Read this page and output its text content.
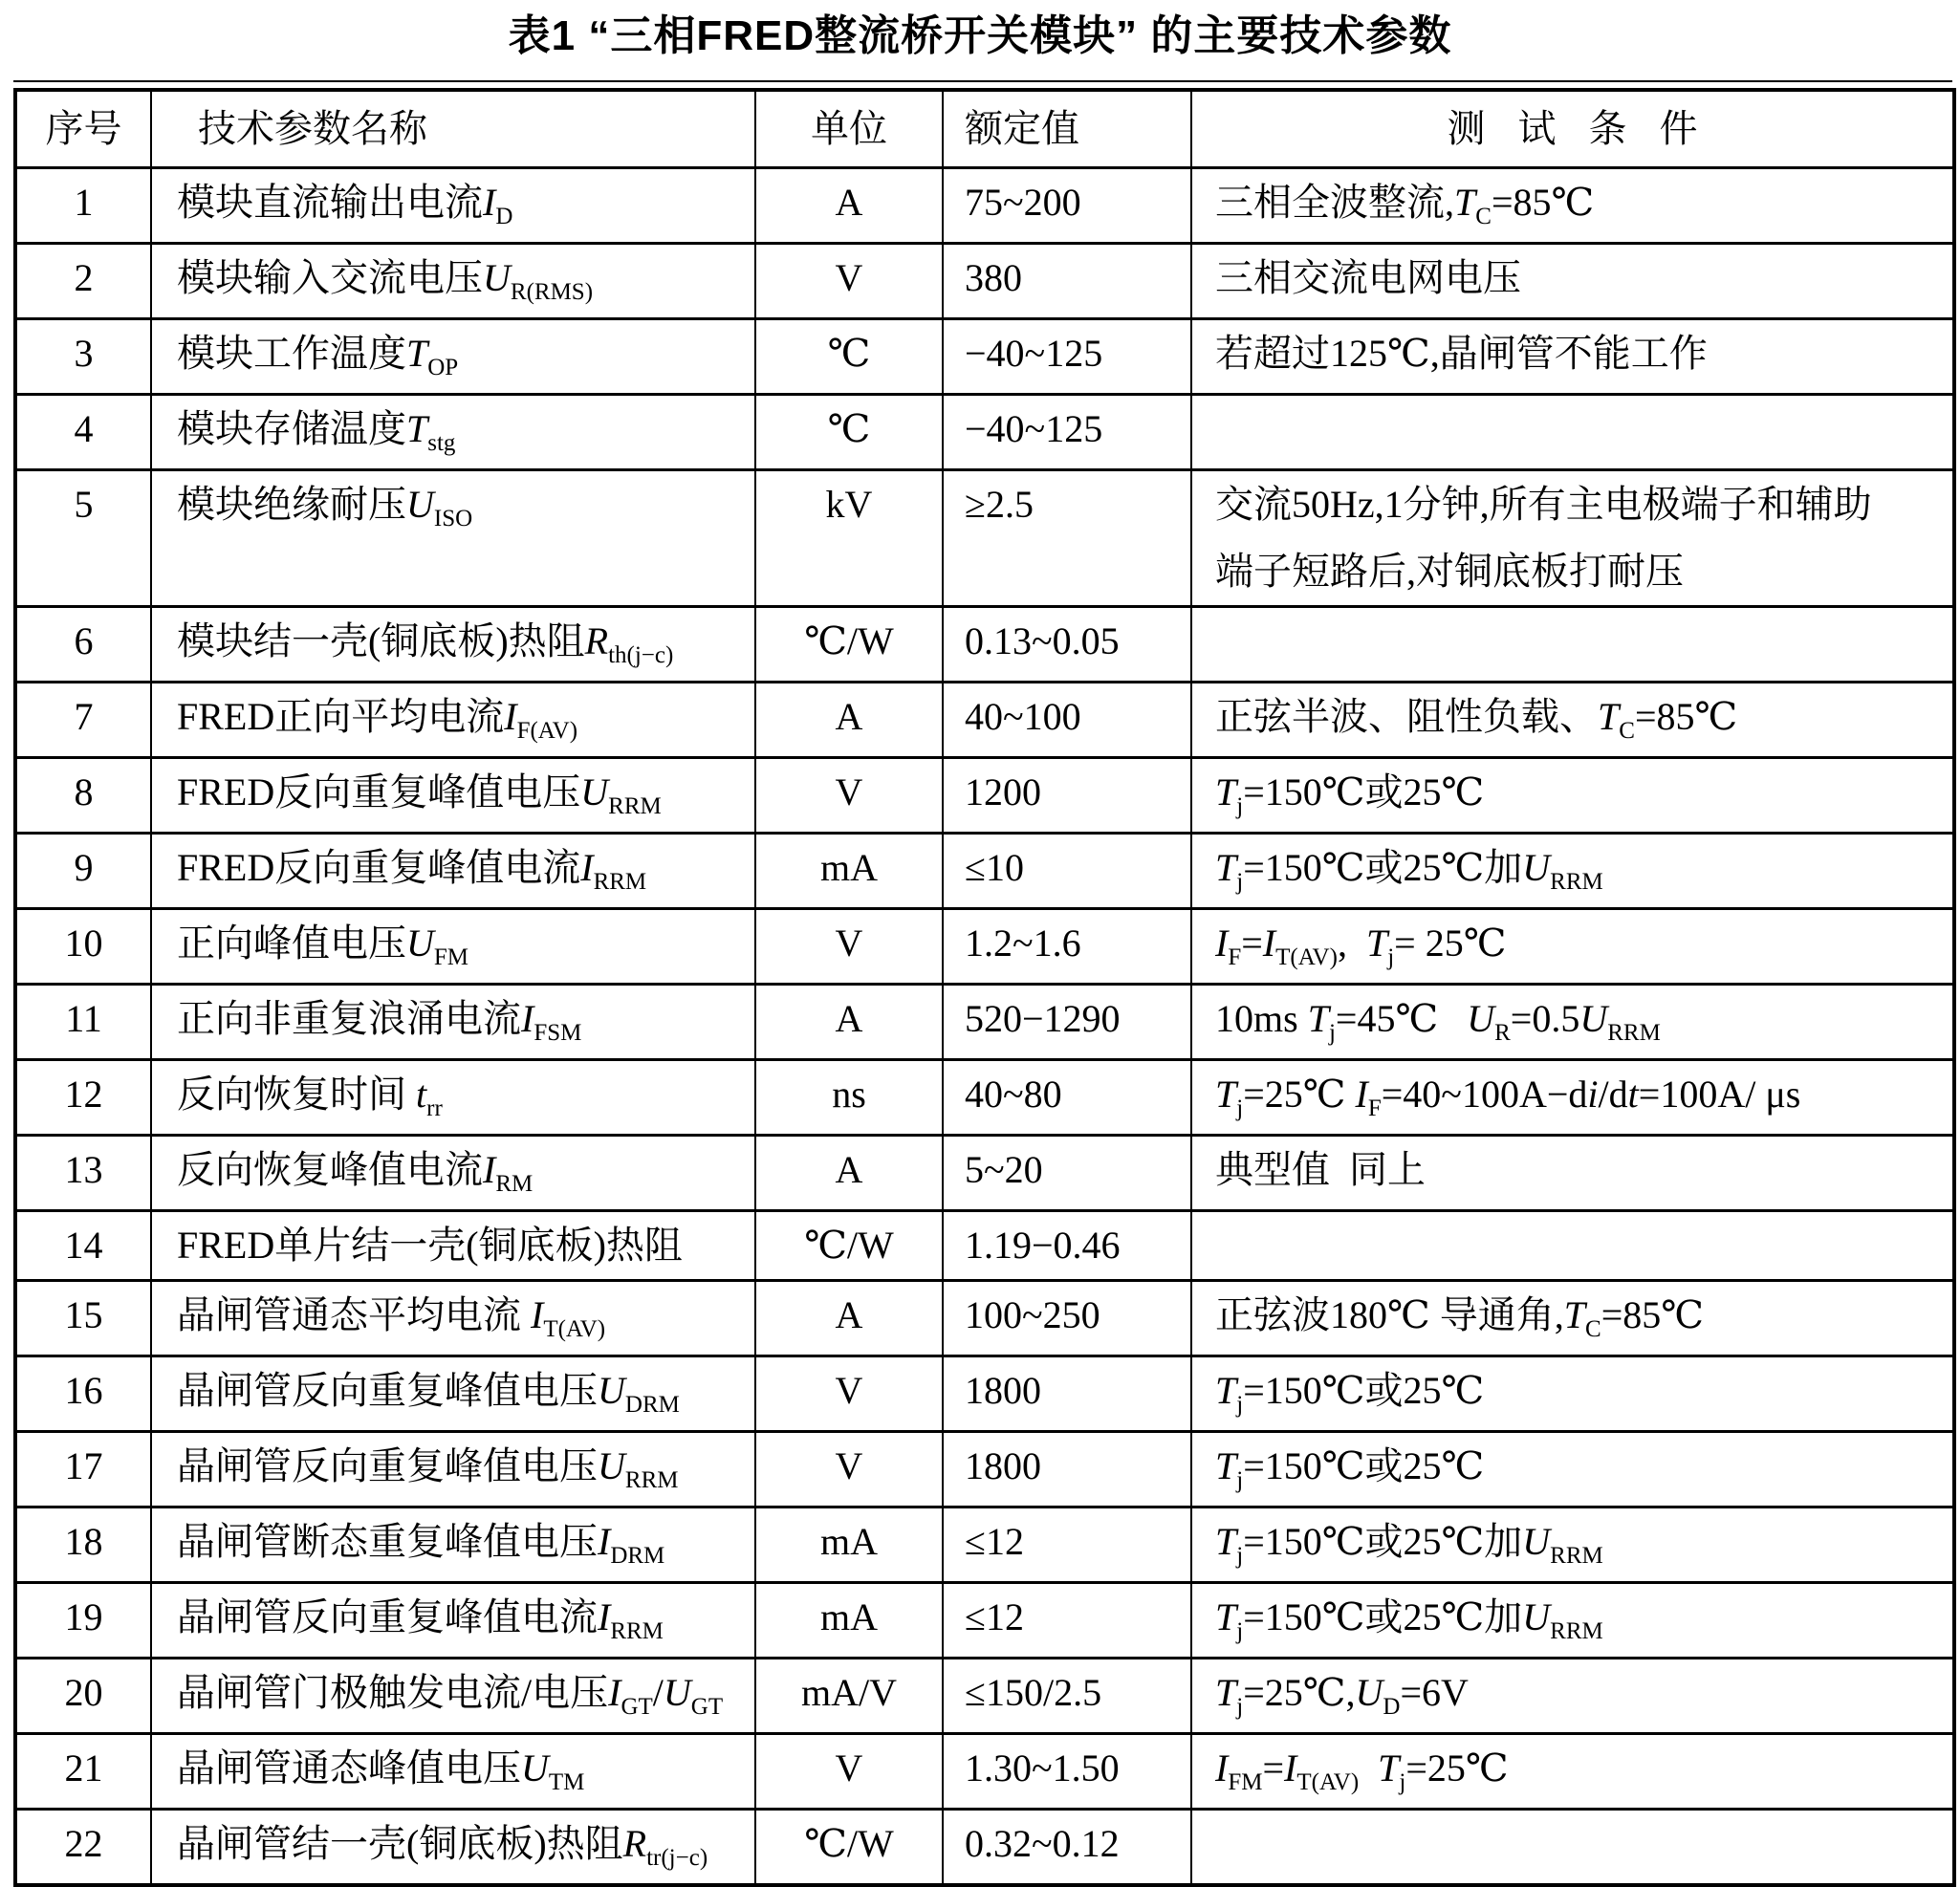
表1 “三相FRED整流桥开关模块” 的主要技术参数
序号	技术参数名称	单位	额定值	测 试 条 件
1	模块直流输出电流$I_D$	A	75~200	三相全波整流$,T_C=85℃$
2	模块输入交流电压$U_{R(RMS)}$	V	380	三相交流电网电压
3	模块工作温度$T_{OP}$	℃	−40~125	若超过125℃,晶闸管不能工作
4	模块存储温度$T_{stg}$	℃	−40~125	
5	模块绝缘耐压$U_{ISO}$	kV	≥2.5	交流50Hz,1分钟,所有主电极端子和辅助
端子短路后,对铜底板打耐压
6	模块结一壳(铜底板)热阻$R_{th(j-c)}$	℃/W	0.13~0.05	
7	FRED正向平均电流$I_{F(AV)}$	A	40~100	正弦半波、阻性负载、$T_C=85℃$
8	FRED反向重复峰值电压$U_{RRM}$	V	1200	$T_j=150℃$或25℃
9	FRED反向重复峰值电流$I_{RRM}$	mA	≤10	$T_j=150℃$或25℃加$U_{RRM}$
10	正向峰值电压$U_{FM}$	V	1.2~1.6	$I_F=I_{T(AV)}$,  $T_j=$ 25℃
11	正向非重复浪涌电流$I_{FSM}$	A	520−1290	10ms $T_j=45℃$   $U_R=0.5U_{RRM}$
12	反向恢复时间 $t_{rr}$	ns	40~80	$T_j=25℃$ $I_F=40\sim 100A-di/dt=100A/$ μs
13	反向恢复峰值电流$I_{RM}$	A	5~20	典型值  同上
14	FRED单片结一壳(铜底板)热阻	℃/W	1.19−0.46	
15	晶闸管通态平均电流 $I_{T(AV)}$	A	100~250	正弦波180℃ 导通角$,T_C=85℃$
16	晶闸管反向重复峰值电压$U_{DRM}$	V	1800	$T_j=150℃$或25℃
17	晶闸管反向重复峰值电压$U_{RRM}$	V	1800	$T_j=150℃$或25℃
18	晶闸管断态重复峰值电压$I_{DRM}$	mA	≤12	$T_j=150℃$或25℃加$U_{RRM}$
19	晶闸管反向重复峰值电流$I_{RRM}$	mA	≤12	$T_j=150℃$或25℃加$U_{RRM}$
20	晶闸管门极触发电流/电压$I_{GT}/U_{GT}$	mA/V	≤150/2.5	$T_j=25℃,U_D=6V$
21	晶闸管通态峰值电压$U_{TM}$	V	1.30~1.50	$I_{FM}=I_{T(AV)}$ $T_j=25℃$
22	晶闸管结一壳(铜底板)热阻$R_{tr(j-c)}$	℃/W	0.32~0.12	
